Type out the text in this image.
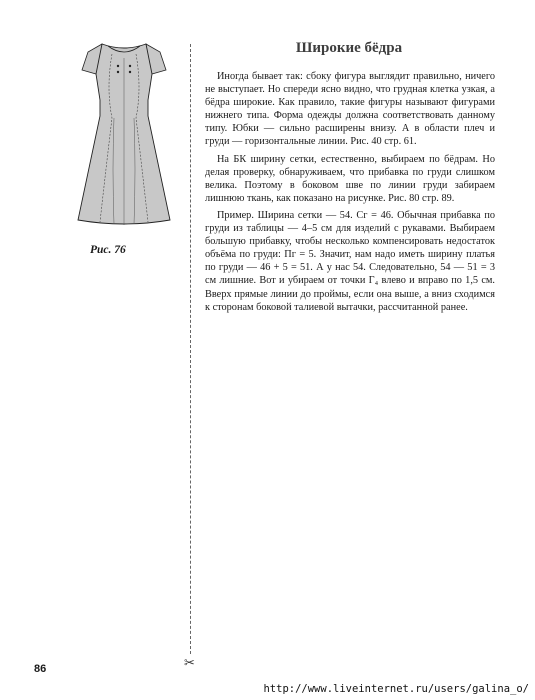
Рис. 76
✂
Широкие бёдра

Иногда бывает так: сбоку фигура выглядит правильно, ничего не выступает. Но спереди ясно видно, что грудная клетка узкая, а бёдра широкие. Как правило, такие фигуры называют фигурами нижнего типа. Форма одежды должна соответствовать данному типу. Юбки — сильно расширены внизу. А в области плеч и груди — горизонтальные линии. Рис. 40 стр. 61.

На БК ширину сетки, естественно, выбираем по бёдрам. Но делая проверку, обнаруживаем, что прибавка по груди слишком велика. Поэтому в боковом шве по линии груди забираем лишнюю ткань, как показано на рисунке. Рис. 80 стр. 89.

Пример. Ширина сетки — 54. Сг = 46. Обычная прибавка по груди из таблицы — 4–5 см для изделий с рукавами. Выбираем большую прибавку, чтобы несколько компенсировать недостаток объёма по груди: Пг = 5. Значит, нам надо иметь ширину платья по груди — 46 + 5 = 51. А у нас 54. Следовательно, 54 — 51 = 3 см лишние. Вот и убираем от точки Г₄ влево и вправо по 1,5 см. Вверх прямые линии до проймы, если она выше, а вниз сходимся к сторонам боковой талиевой вытачки, рассчитанной ранее.

86
http://www.liveinternet.ru/users/galina_o/
